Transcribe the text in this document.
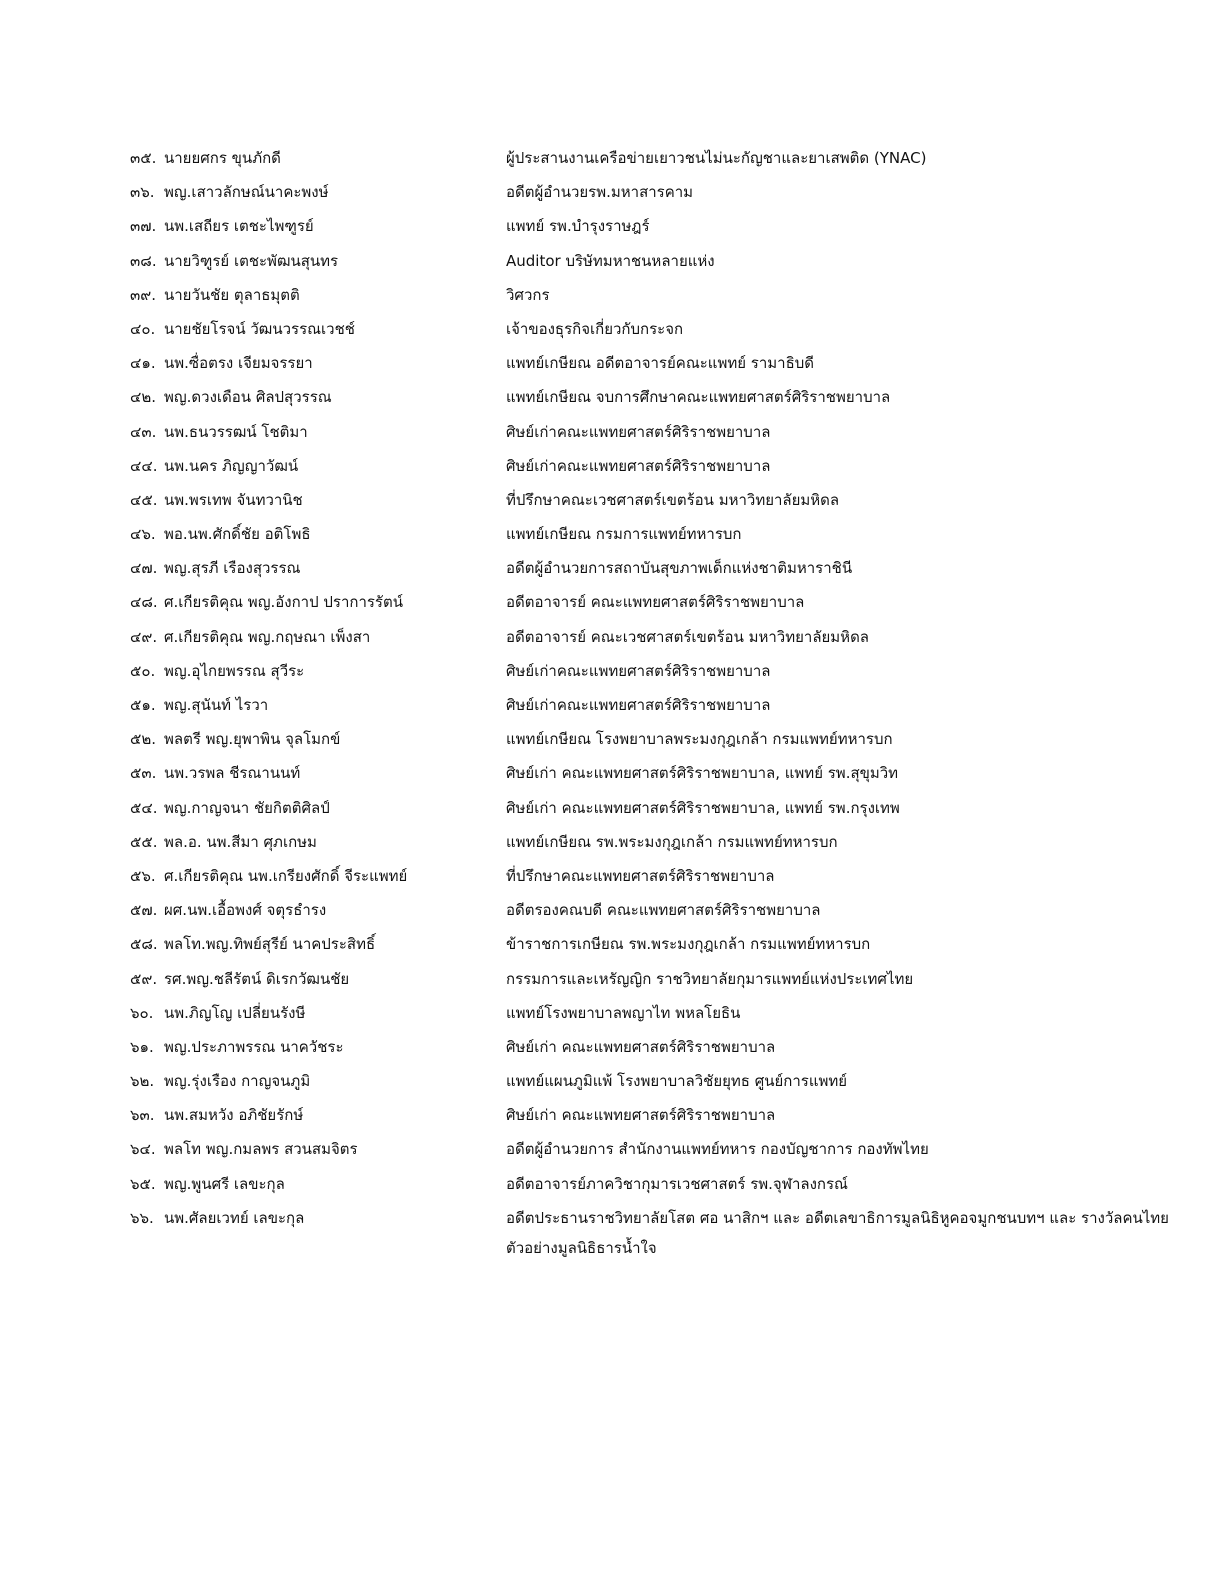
๓๕. นายยศกร ขุนภักดี	ผู้ประสานงานเครือข่ายเยาวชนไม่นะกัญชาและยาเสพติด (YNAC)
๓๖. พญ.เสาวลักษณ์นาคะพงษ์	อดีตผู้อำนวยรพ.มหาสารคาม
๓๗. นพ.เสถียร เตชะไพฑูรย์	แพทย์ รพ.บำรุงราษฎร์
๓๘. นายวิฑูรย์ เตชะพัฒนสุนทร	Auditor บริษัทมหาชนหลายแห่ง
๓๙. นายวันชัย ตุลาธมุตติ	วิศวกร
๔๐. นายชัยโรจน์ วัฒนวรรณเวชช์	เจ้าของธุรกิจเกี่ยวกับกระจก
๔๑. นพ.ซื่อตรง เจียมจรรยา	แพทย์เกษียณ อดีตอาจารย์คณะแพทย์ รามาธิบดี
๔๒. พญ.ดวงเดือน ศิลปสุวรรณ	แพทย์เกษียณ จบการศึกษาคณะแพทยศาสตร์ศิริราชพยาบาล
๔๓. นพ.ธนวรรฒน์ โชติมา	ศิษย์เก่าคณะแพทยศาสตร์ศิริราชพยาบาล
๔๔. นพ.นคร ภิญญาวัฒน์	ศิษย์เก่าคณะแพทยศาสตร์ศิริราชพยาบาล
๔๕. นพ.พรเทพ จันทวานิช	ที่ปรึกษาคณะเวชศาสตร์เขตร้อน มหาวิทยาลัยมหิดล
๔๖. พอ.นพ.ศักดิ์ชัย อติโพธิ	แพทย์เกษียณ กรมการแพทย์ทหารบก
๔๗. พญ.สุรภี เรืองสุวรรณ	อดีตผู้อำนวยการสถาบันสุขภาพเด็กแห่งชาติมหาราชินี
๔๘. ศ.เกียรติคุณ พญ.อังกาป ปราการรัตน์	อดีตอาจารย์ คณะแพทยศาสตร์ศิริราชพยาบาล
๔๙. ศ.เกียรติคุณ พญ.กฤษณา เพ็งสา	อดีตอาจารย์ คณะเวชศาสตร์เขตร้อน มหาวิทยาลัยมหิดล
๕๐. พญ.อุไกยพรรณ สุวีระ	ศิษย์เก่าคณะแพทยศาสตร์ศิริราชพยาบาล
๕๑. พญ.สุนันท์ ไรวา	ศิษย์เก่าคณะแพทยศาสตร์ศิริราชพยาบาล
๕๒. พลตรี พญ.ยุพาพิน จุลโมกข์	แพทย์เกษียณ โรงพยาบาลพระมงกุฎเกล้า กรมแพทย์ทหารบก
๕๓. นพ.วรพล ชีรณานนท์	ศิษย์เก่า คณะแพทยศาสตร์ศิริราชพยาบาล, แพทย์ รพ.สุขุมวิท
๕๔. พญ.กาญจนา ชัยกิตติศิลป์	ศิษย์เก่า คณะแพทยศาสตร์ศิริราชพยาบาล, แพทย์ รพ.กรุงเทพ
๕๕. พล.อ. นพ.สีมา ศุภเกษม	แพทย์เกษียณ รพ.พระมงกุฎเกล้า กรมแพทย์ทหารบก
๕๖. ศ.เกียรติคุณ นพ.เกรียงศักดิ์ จีระแพทย์	ที่ปรึกษาคณะแพทยศาสตร์ศิริราชพยาบาล
๕๗. ผศ.นพ.เอื้อพงศ์ จตุรธำรง	อดีตรองคณบดี คณะแพทยศาสตร์ศิริราชพยาบาล
๕๘. พลโท.พญ.ทิพย์สุรีย์ นาคประสิทธิ์	ข้าราชการเกษียณ รพ.พระมงกุฎเกล้า กรมแพทย์ทหารบก
๕๙. รศ.พญ.ชลีรัตน์ ดิเรกวัฒนชัย	กรรมการและเหรัญญิก ราชวิทยาลัยกุมารแพทย์แห่งประเทศไทย
๖๐. นพ.ภิญโญ เปลี่ยนรังษี	แพทย์โรงพยาบาลพญาไท พหลโยธิน
๖๑. พญ.ประภาพรรณ นาควัชระ	ศิษย์เก่า คณะแพทยศาสตร์ศิริราชพยาบาล
๖๒. พญ.รุ่งเรือง กาญจนภูมิ	แพทย์แผนภูมิแพ้ โรงพยาบาลวิชัยยุทธ ศูนย์การแพทย์
๖๓. นพ.สมหวัง อภิชัยรักษ์	ศิษย์เก่า คณะแพทยศาสตร์ศิริราชพยาบาล
๖๔. พลโท พญ.กมลพร สวนสมจิตร	อดีตผู้อำนวยการ สำนักงานแพทย์ทหาร กองบัญชาการ กองทัพไทย
๖๕. พญ.พูนศรี เลขะกุล	อดีตอาจารย์ภาควิชากุมารเวชศาสตร์ รพ.จุฬาลงกรณ์
๖๖. นพ.ศัลยเวทย์ เลขะกุล	อดีตประธานราชวิทยาลัยโสต ศอ นาสิกฯ และ อดีตเลขาธิการมูลนิธิหูคอจมูกชนบทฯ และ รางวัลคนไทยตัวอย่างมูลนิธิธารน้ำใจ
